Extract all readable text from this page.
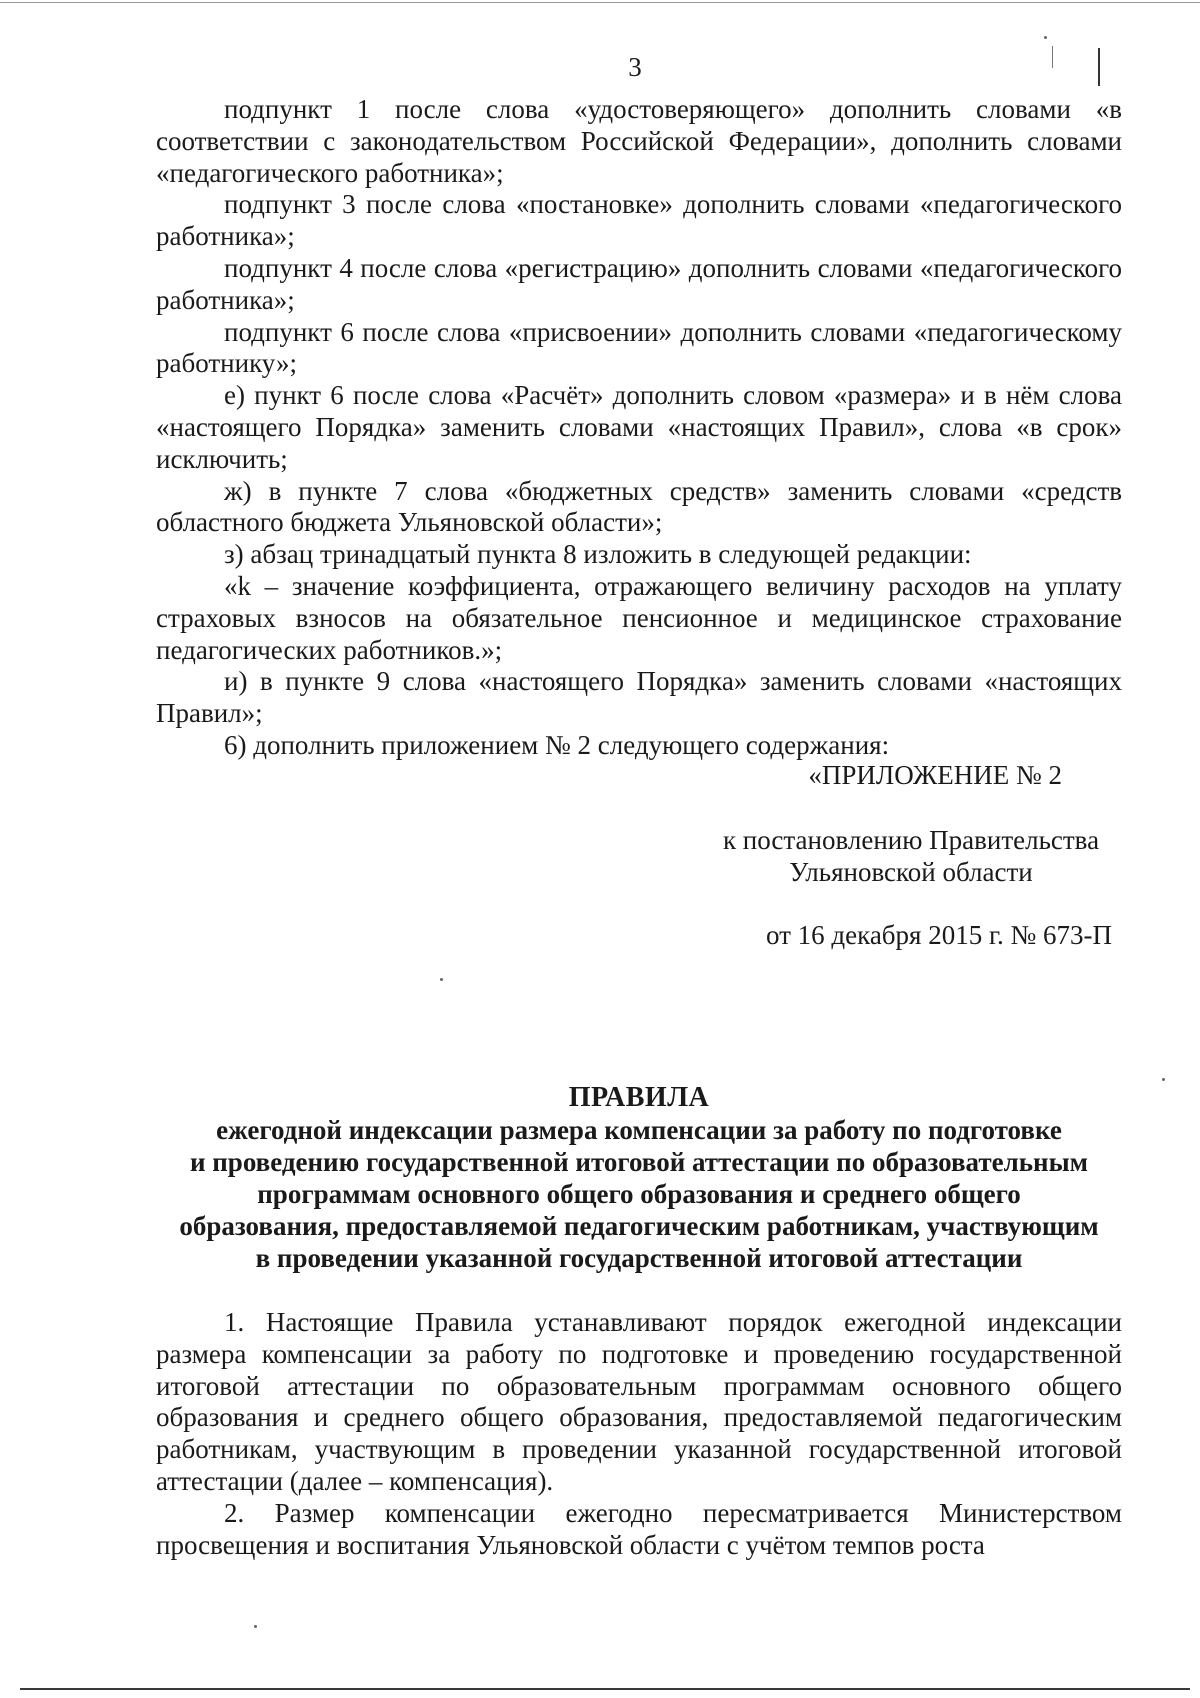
3

подпункт 1 после слова «удостоверяющего» дополнить словами «в соответствии с законодательством Российской Федерации», дополнить словами «педагогического работника»;

подпункт 3 после слова «постановке» дополнить словами «педагогического работника»;

подпункт 4 после слова «регистрацию» дополнить словами «педагогического работника»;

подпункт 6 после слова «присвоении» дополнить словами «педагогическому работнику»;

е) пункт 6 после слова «Расчёт» дополнить словом «размера» и в нём слова «настоящего Порядка» заменить словами «настоящих Правил», слова «в срок» исключить;

ж) в пункте 7 слова «бюджетных средств» заменить словами «средств областного бюджета Ульяновской области»;

з) абзац тринадцатый пункта 8 изложить в следующей редакции:

«k – значение коэффициента, отражающего величину расходов на уплату страховых взносов на обязательное пенсионное и медицинское страхование педагогических работников.»;

и) в пункте 9 слова «настоящего Порядка» заменить словами «настоящих Правил»;

6) дополнить приложением № 2 следующего содержания:

«ПРИЛОЖЕНИЕ № 2
к постановлению Правительства
Ульяновской области
от 16 декабря 2015 г. № 673-П
ПРАВИЛА
ежегодной индексации размера компенсации за работу по подготовке
и проведению государственной итоговой аттестации по образовательным
программам основного общего образования и среднего общего
образования, предоставляемой педагогическим работникам, участвующим
в проведении указанной государственной итоговой аттестации

1. Настоящие Правила устанавливают порядок ежегодной индексации размера компенсации за работу по подготовке и проведению государственной итоговой аттестации по образовательным программам основного общего образования и среднего общего образования, предоставляемой педагогическим работникам, участвующим в проведении указанной государственной итоговой аттестации (далее – компенсация).

2. Размер компенсации ежегодно пересматривается Министерством просвещения и воспитания Ульяновской области с учётом темпов роста
